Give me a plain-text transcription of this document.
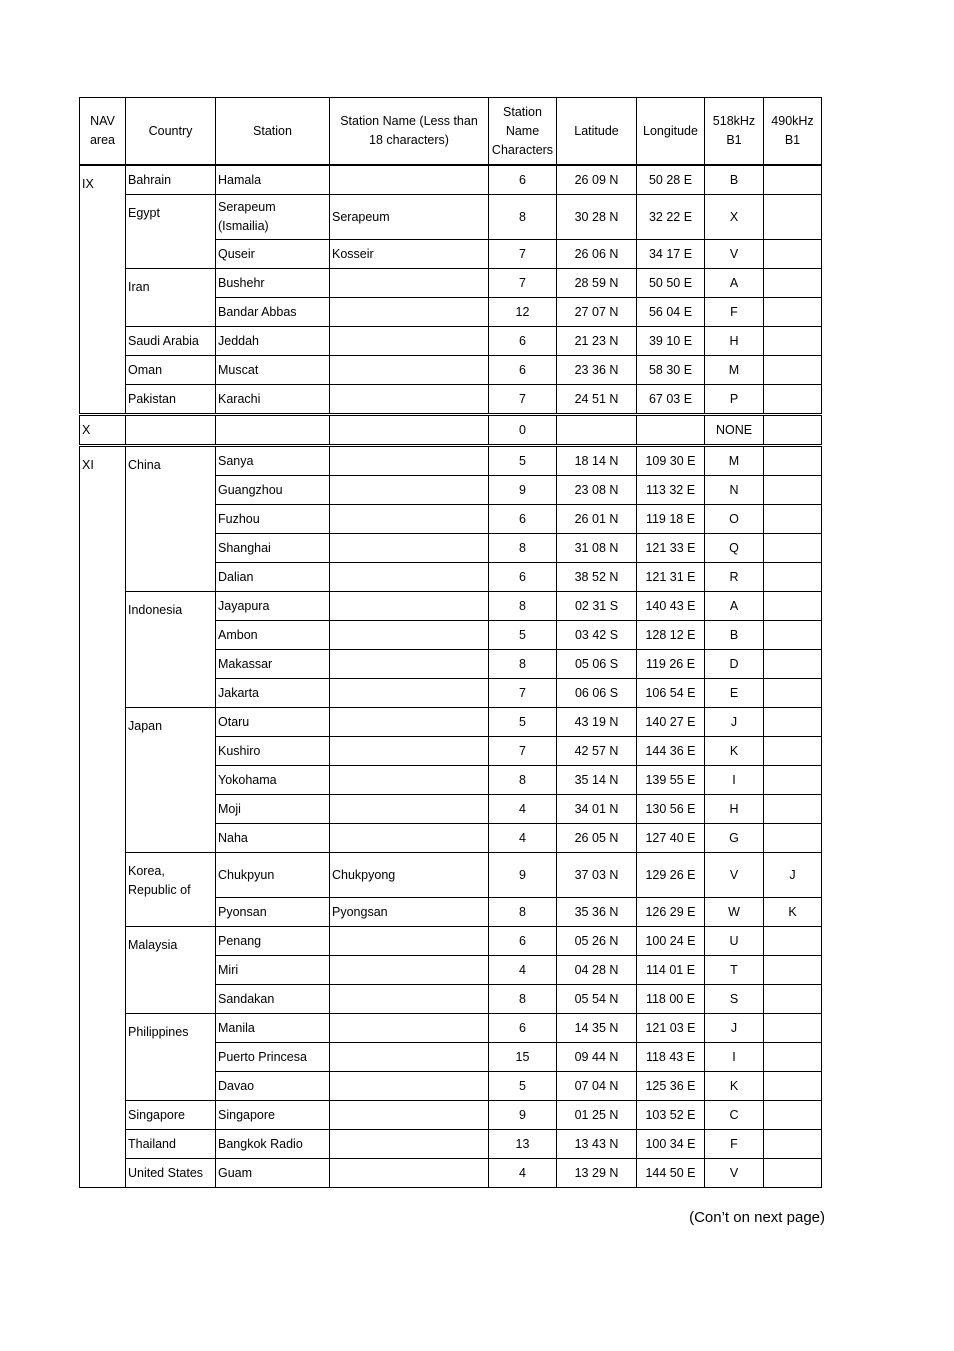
NAV area	Country	Station	Station Name (Less than 18 characters)	Station Name Characters	Latitude	Longitude	518kHz B1	490kHz B1
IX	Bahrain	Hamala		6	26 09 N	50 28 E	B	
	Egypt	Serapeum (Ismailia)	Serapeum	8	30 28 N	32 22 E	X	
		Quseir	Kosseir	7	26 06 N	34 17 E	V	
	Iran	Bushehr		7	28 59 N	50 50 E	A	
		Bandar Abbas		12	27 07 N	56 04 E	F	
	Saudi Arabia	Jeddah		6	21 23 N	39 10 E	H	
	Oman	Muscat		6	23 36 N	58 30 E	M	
	Pakistan	Karachi		7	24 51 N	67 03 E	P	
X				0			NONE	
XI	China	Sanya		5	18 14 N	109 30 E	M	
		Guangzhou		9	23 08 N	113 32 E	N	
		Fuzhou		6	26 01 N	119 18 E	O	
		Shanghai		8	31 08 N	121 33 E	Q	
		Dalian		6	38 52 N	121 31 E	R	
	Indonesia	Jayapura		8	02 31 S	140 43 E	A	
		Ambon		5	03 42 S	128 12 E	B	
		Makassar		8	05 06 S	119 26 E	D	
		Jakarta		7	06 06 S	106 54 E	E	
	Japan	Otaru		5	43 19 N	140 27 E	J	
		Kushiro		7	42 57 N	144 36 E	K	
		Yokohama		8	35 14 N	139 55 E	I	
		Moji		4	34 01 N	130 56 E	H	
		Naha		4	26 05 N	127 40 E	G	
	Korea, Republic of	Chukpyun	Chukpyong	9	37 03 N	129 26 E	V	J
		Pyonsan	Pyongsan	8	35 36 N	126 29 E	W	K
	Malaysia	Penang		6	05 26 N	100 24 E	U	
		Miri		4	04 28 N	114 01 E	T	
		Sandakan		8	05 54 N	118 00 E	S	
	Philippines	Manila		6	14 35 N	121 03 E	J	
		Puerto Princesa		15	09 44 N	118 43 E	I	
		Davao		5	07 04 N	125 36 E	K	
	Singapore	Singapore		9	01 25 N	103 52 E	C	
	Thailand	Bangkok Radio		13	13 43 N	100 34 E	F	
	United States	Guam		4	13 29 N	144 50 E	V	
(Con’t on next page)
